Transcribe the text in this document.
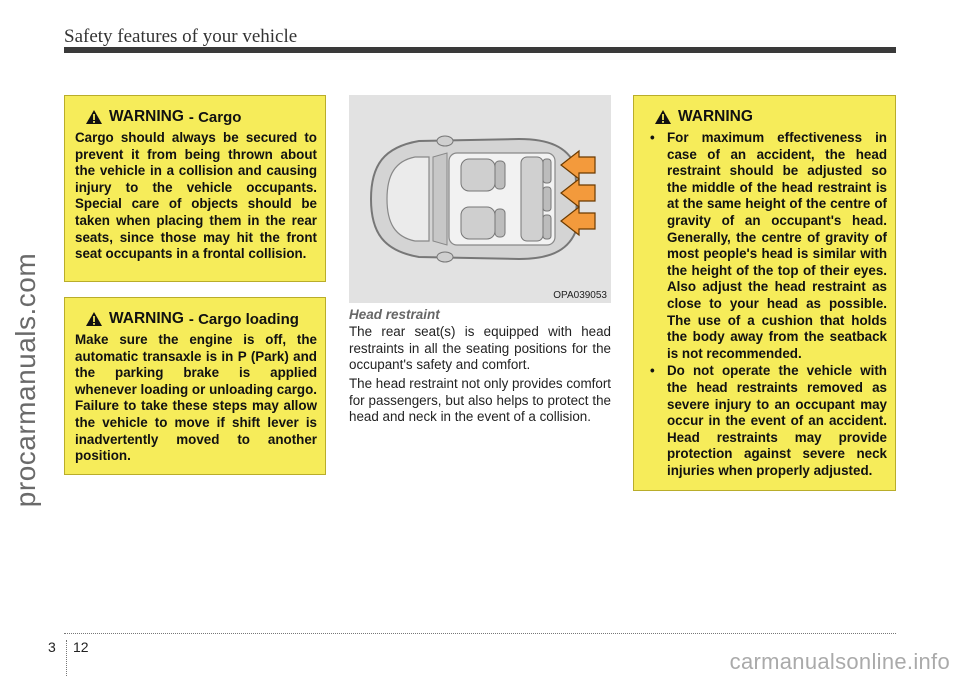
Safety features of your vehicle
procarmanuals.com
WARNING - Cargo
Cargo should always be secured to prevent it from being thrown about the vehicle in a collision and causing injury to the vehicle occupants. Special care of objects should be taken when placing them in the rear seats, since those may hit the front seat occupants in a frontal collision.
WARNING - Cargo loading
Make sure the engine is off, the automatic transaxle is in P (Park) and the parking brake is applied whenever loading or unloading cargo. Failure to take these steps may allow the vehicle to move if shift lever is inadvertently moved to another position.
OPA039053
Head restraint
The rear seat(s) is equipped with head restraints in all the seating positions for the occupant's safety and comfort.
The head restraint not only provides comfort for passengers, but also helps to protect the head and neck in the event of a collision.
WARNING
• For maximum effectiveness in case of an accident, the head restraint should be adjusted so the middle of the head restraint is at the same height of the centre of gravity of an occupant's head. Generally, the centre of gravity of most people's head is similar with the height of the top of their eyes. Also adjust the head restraint as close to your head as possible. The use of a cushion that holds the body away from the seatback is not recommended.
• Do not operate the vehicle with the head restraints removed as severe injury to an occupant may occur in the event of an accident. Head restraints may provide protection against severe neck injuries when properly adjusted.
3 12
carmanualsonline.info
